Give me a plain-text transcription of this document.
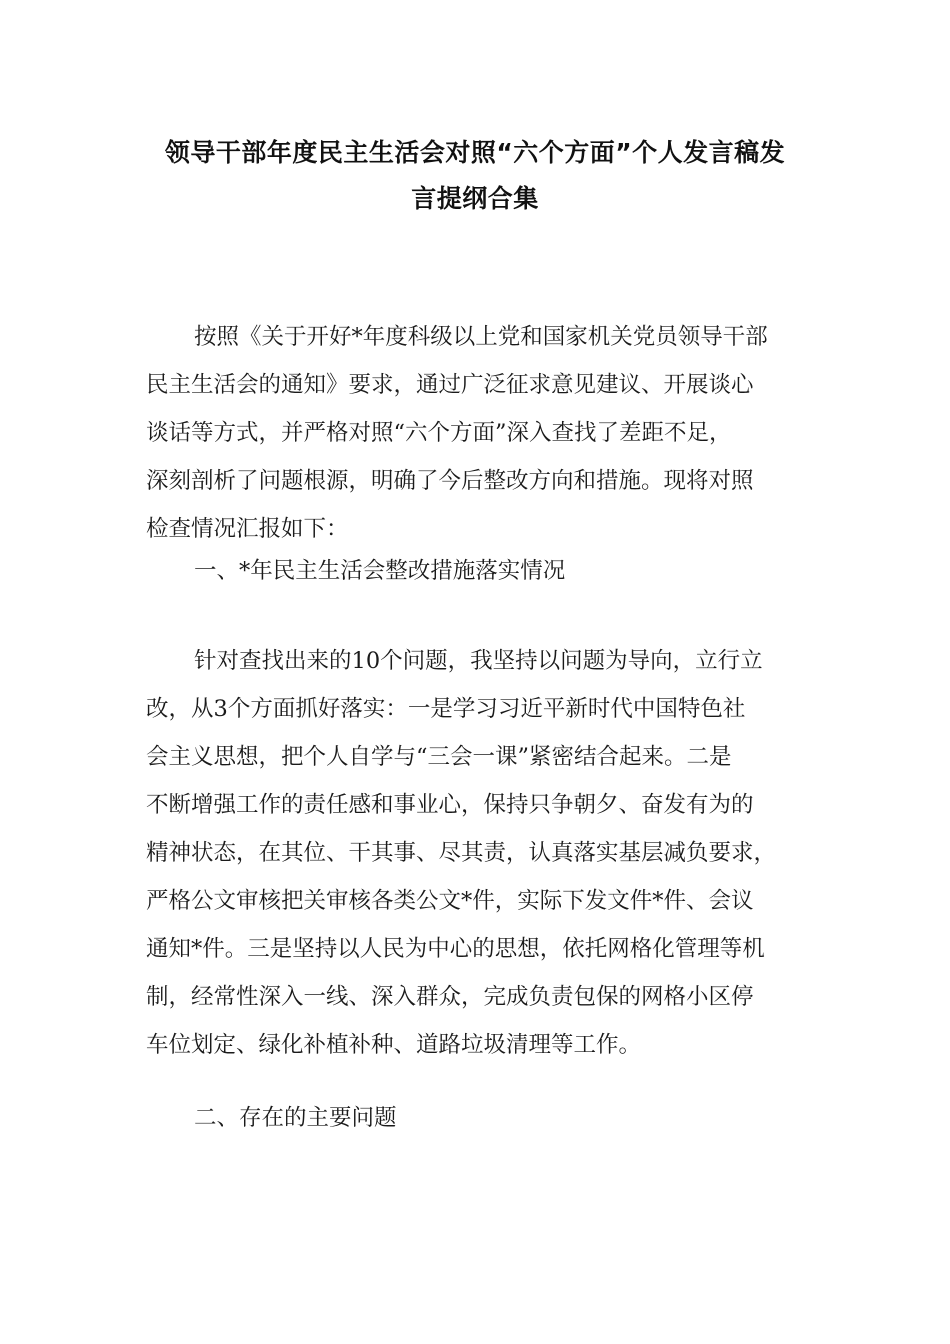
领导干部年度民主生活会对照“六个方面”个人发言稿发
言提纲合集
按照《关于开好*年度科级以上党和国家机关党员领导干部
民主生活会的通知》要求，通过广泛征求意见建议、开展谈心
谈话等方式，并严格对照“六个方面”深入查找了差距不足，
深刻剖析了问题根源，明确了今后整改方向和措施。现将对照
检查情况汇报如下：
一、*年民主生活会整改措施落实情况
针对查找出来的10个问题，我坚持以问题为导向，立行立
改，从3个方面抓好落实：一是学习习近平新时代中国特色社
会主义思想，把个人自学与“三会一课”紧密结合起来。二是
不断增强工作的责任感和事业心，保持只争朝夕、奋发有为的
精神状态，在其位、干其事、尽其责，认真落实基层减负要求，
严格公文审核把关审核各类公文*件，实际下发文件*件、会议
通知*件。三是坚持以人民为中心的思想，依托网格化管理等机
制，经常性深入一线、深入群众，完成负责包保的网格小区停
车位划定、绿化补植补种、道路垃圾清理等工作。
二、存在的主要问题
